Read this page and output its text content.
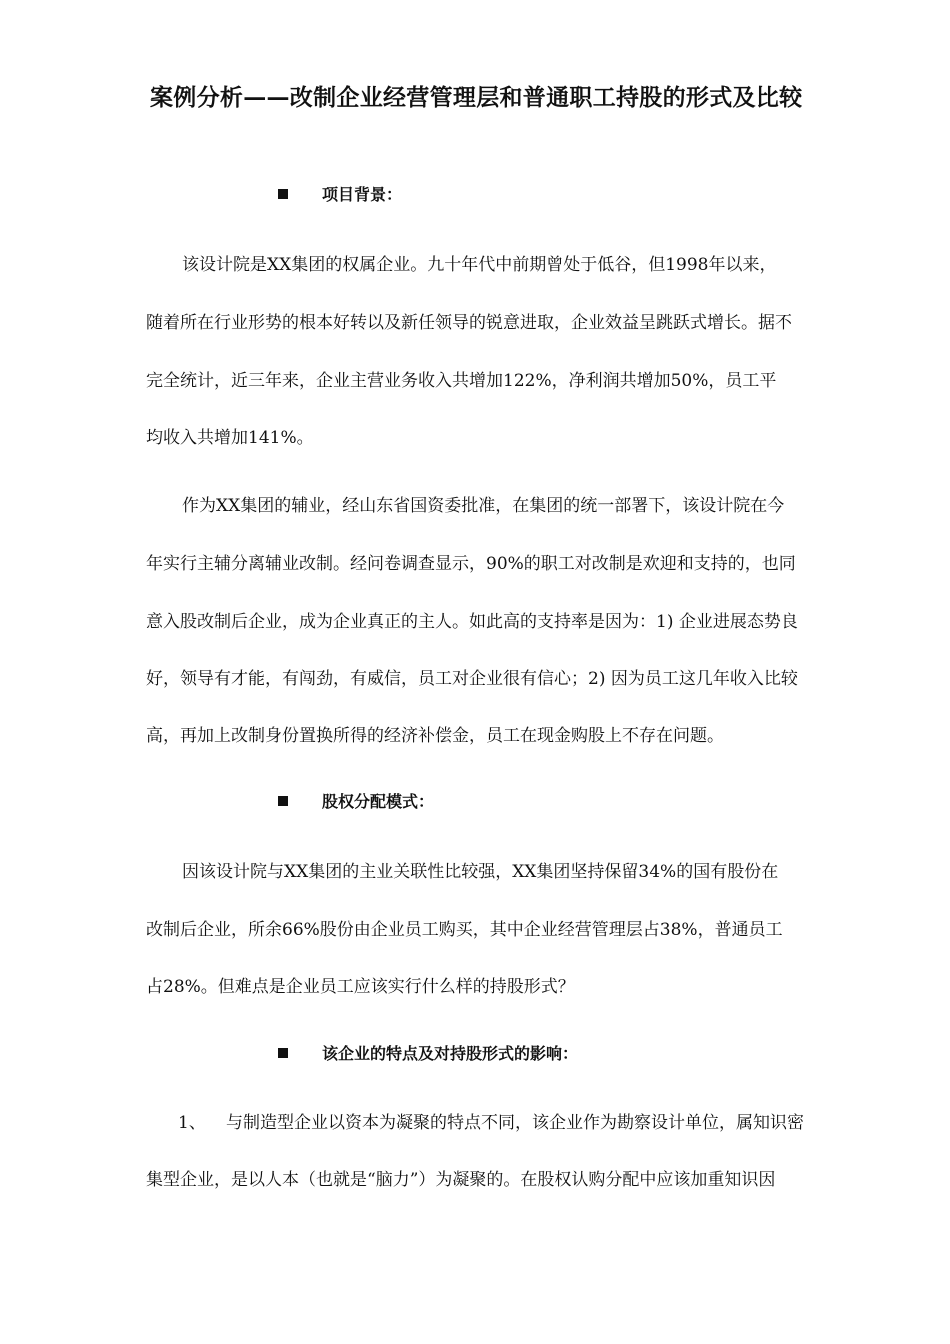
案例分析——改制企业经营管理层和普通职工持股的形式及比较
项目背景：
该设计院是XX集团的权属企业。九十年代中前期曾处于低谷，但1998年以来，
随着所在行业形势的根本好转以及新任领导的锐意进取，企业效益呈跳跃式增长。据不
完全统计，近三年来，企业主营业务收入共增加122%，净利润共增加50%，员工平
均收入共增加141%。
作为XX集团的辅业，经山东省国资委批准，在集团的统一部署下，该设计院在今
年实行主辅分离辅业改制。经问卷调查显示，90%的职工对改制是欢迎和支持的，也同
意入股改制后企业，成为企业真正的主人。如此高的支持率是因为：1) 企业进展态势良
好，领导有才能，有闯劲，有威信，员工对企业很有信心；2) 因为员工这几年收入比较
高，再加上改制身份置换所得的经济补偿金，员工在现金购股上不存在问题。
股权分配模式：
因该设计院与XX集团的主业关联性比较强，XX集团坚持保留34%的国有股份在
改制后企业，所余66%股份由企业员工购买，其中企业经营管理层占38%，普通员工
占28%。但难点是企业员工应该实行什么样的持股形式？
该企业的特点及对持股形式的影响：
1、 与制造型企业以资本为凝聚的特点不同，该企业作为勘察设计单位，属知识密
集型企业，是以人本（也就是“脑力”）为凝聚的。在股权认购分配中应该加重知识因
